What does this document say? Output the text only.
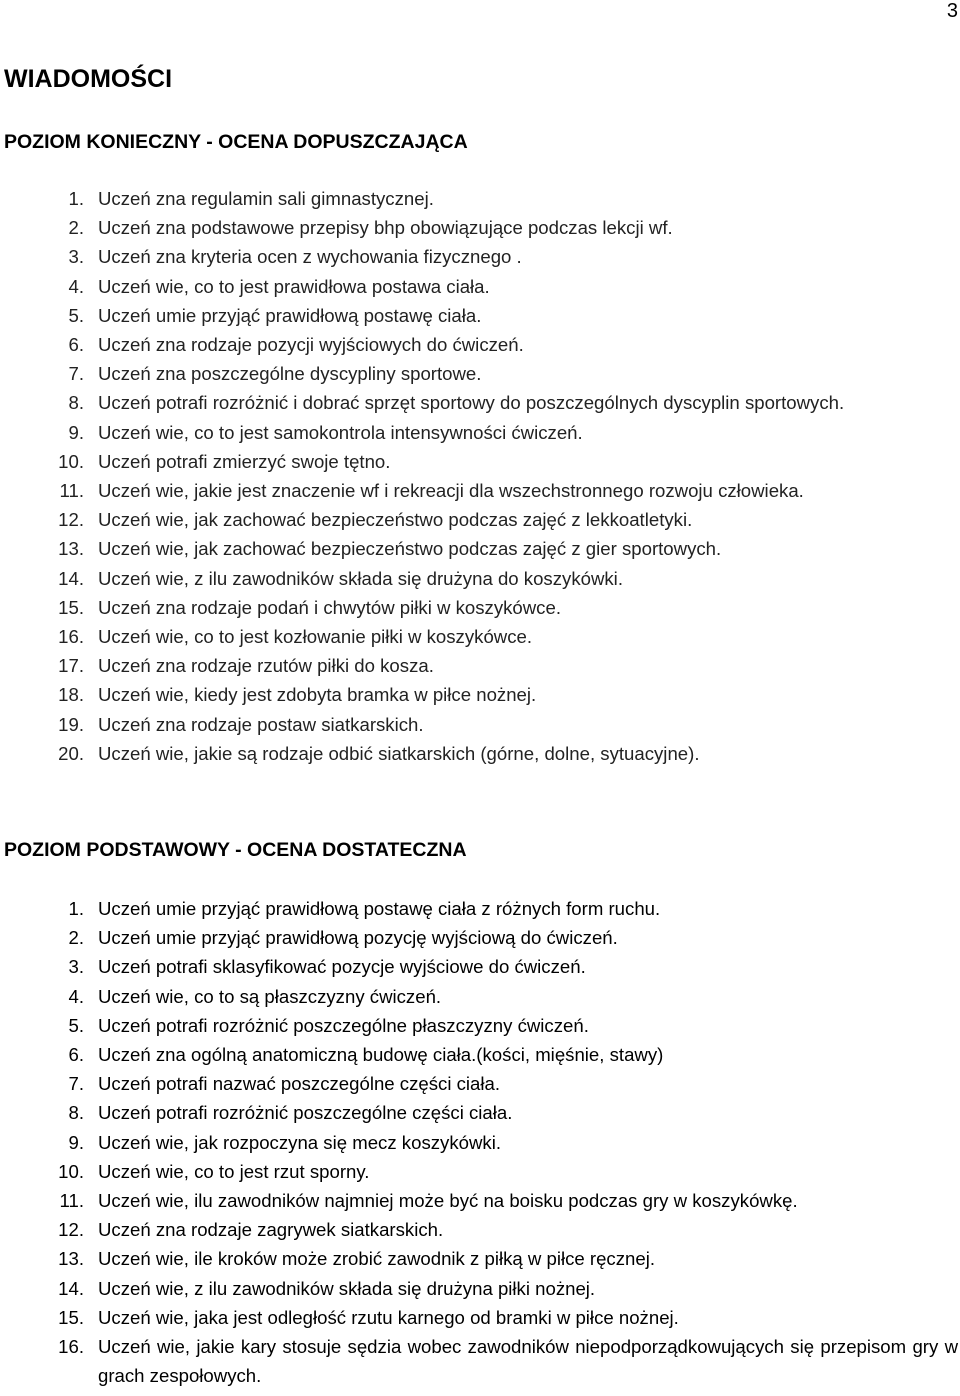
3
WIADOMOŚCI
POZIOM KONIECZNY - OCENA DOPUSZCZAJĄCA
1. Uczeń zna regulamin sali gimnastycznej.
2. Uczeń zna podstawowe przepisy bhp obowiązujące podczas lekcji wf.
3. Uczeń zna kryteria ocen z wychowania fizycznego .
4. Uczeń wie, co to jest prawidłowa postawa ciała.
5. Uczeń umie przyjąć prawidłową postawę ciała.
6. Uczeń zna rodzaje pozycji wyjściowych do ćwiczeń.
7. Uczeń zna poszczególne dyscypliny sportowe.
8. Uczeń potrafi rozróżnić i dobrać sprzęt sportowy do poszczególnych dyscyplin sportowych.
9. Uczeń wie, co to jest samokontrola intensywności ćwiczeń.
10. Uczeń potrafi zmierzyć swoje tętno.
11. Uczeń wie, jakie jest znaczenie wf i rekreacji dla wszechstronnego rozwoju człowieka.
12. Uczeń wie, jak zachować bezpieczeństwo podczas zajęć z lekkoatletyki.
13. Uczeń wie, jak zachować bezpieczeństwo podczas zajęć z gier sportowych.
14. Uczeń wie, z ilu zawodników składa się drużyna do koszykówki.
15. Uczeń zna rodzaje podań i chwytów piłki w koszykówce.
16. Uczeń wie, co to jest kozłowanie piłki w koszykówce.
17. Uczeń zna rodzaje rzutów piłki do kosza.
18. Uczeń wie, kiedy jest zdobyta bramka w piłce nożnej.
19. Uczeń zna rodzaje postaw siatkarskich.
20. Uczeń wie, jakie są rodzaje odbić siatkarskich (górne, dolne, sytuacyjne).
POZIOM PODSTAWOWY - OCENA DOSTATECZNA
1. Uczeń umie przyjąć prawidłową postawę ciała z różnych form ruchu.
2. Uczeń umie przyjąć prawidłową pozycję wyjściową do ćwiczeń.
3. Uczeń potrafi sklasyfikować pozycje wyjściowe do ćwiczeń.
4. Uczeń wie, co to są płaszczyzny ćwiczeń.
5. Uczeń potrafi rozróżnić poszczególne płaszczyzny ćwiczeń.
6. Uczeń zna ogólną anatomiczną budowę ciała.(kości, mięśnie, stawy)
7. Uczeń potrafi nazwać poszczególne części ciała.
8. Uczeń potrafi rozróżnić poszczególne części ciała.
9. Uczeń wie, jak rozpoczyna się mecz koszykówki.
10. Uczeń wie, co to jest rzut sporny.
11. Uczeń wie, ilu zawodników najmniej może być na boisku podczas gry w koszykówkę.
12. Uczeń zna rodzaje zagrywek siatkarskich.
13. Uczeń wie, ile kroków może zrobić zawodnik z piłką w piłce ręcznej.
14. Uczeń wie, z ilu zawodników składa się drużyna piłki nożnej.
15. Uczeń wie, jaka jest odległość rzutu karnego od bramki w piłce nożnej.
16. Uczeń wie, jakie kary stosuje sędzia wobec zawodników niepodporządkowujących się przepisom gry w grach zespołowych.
